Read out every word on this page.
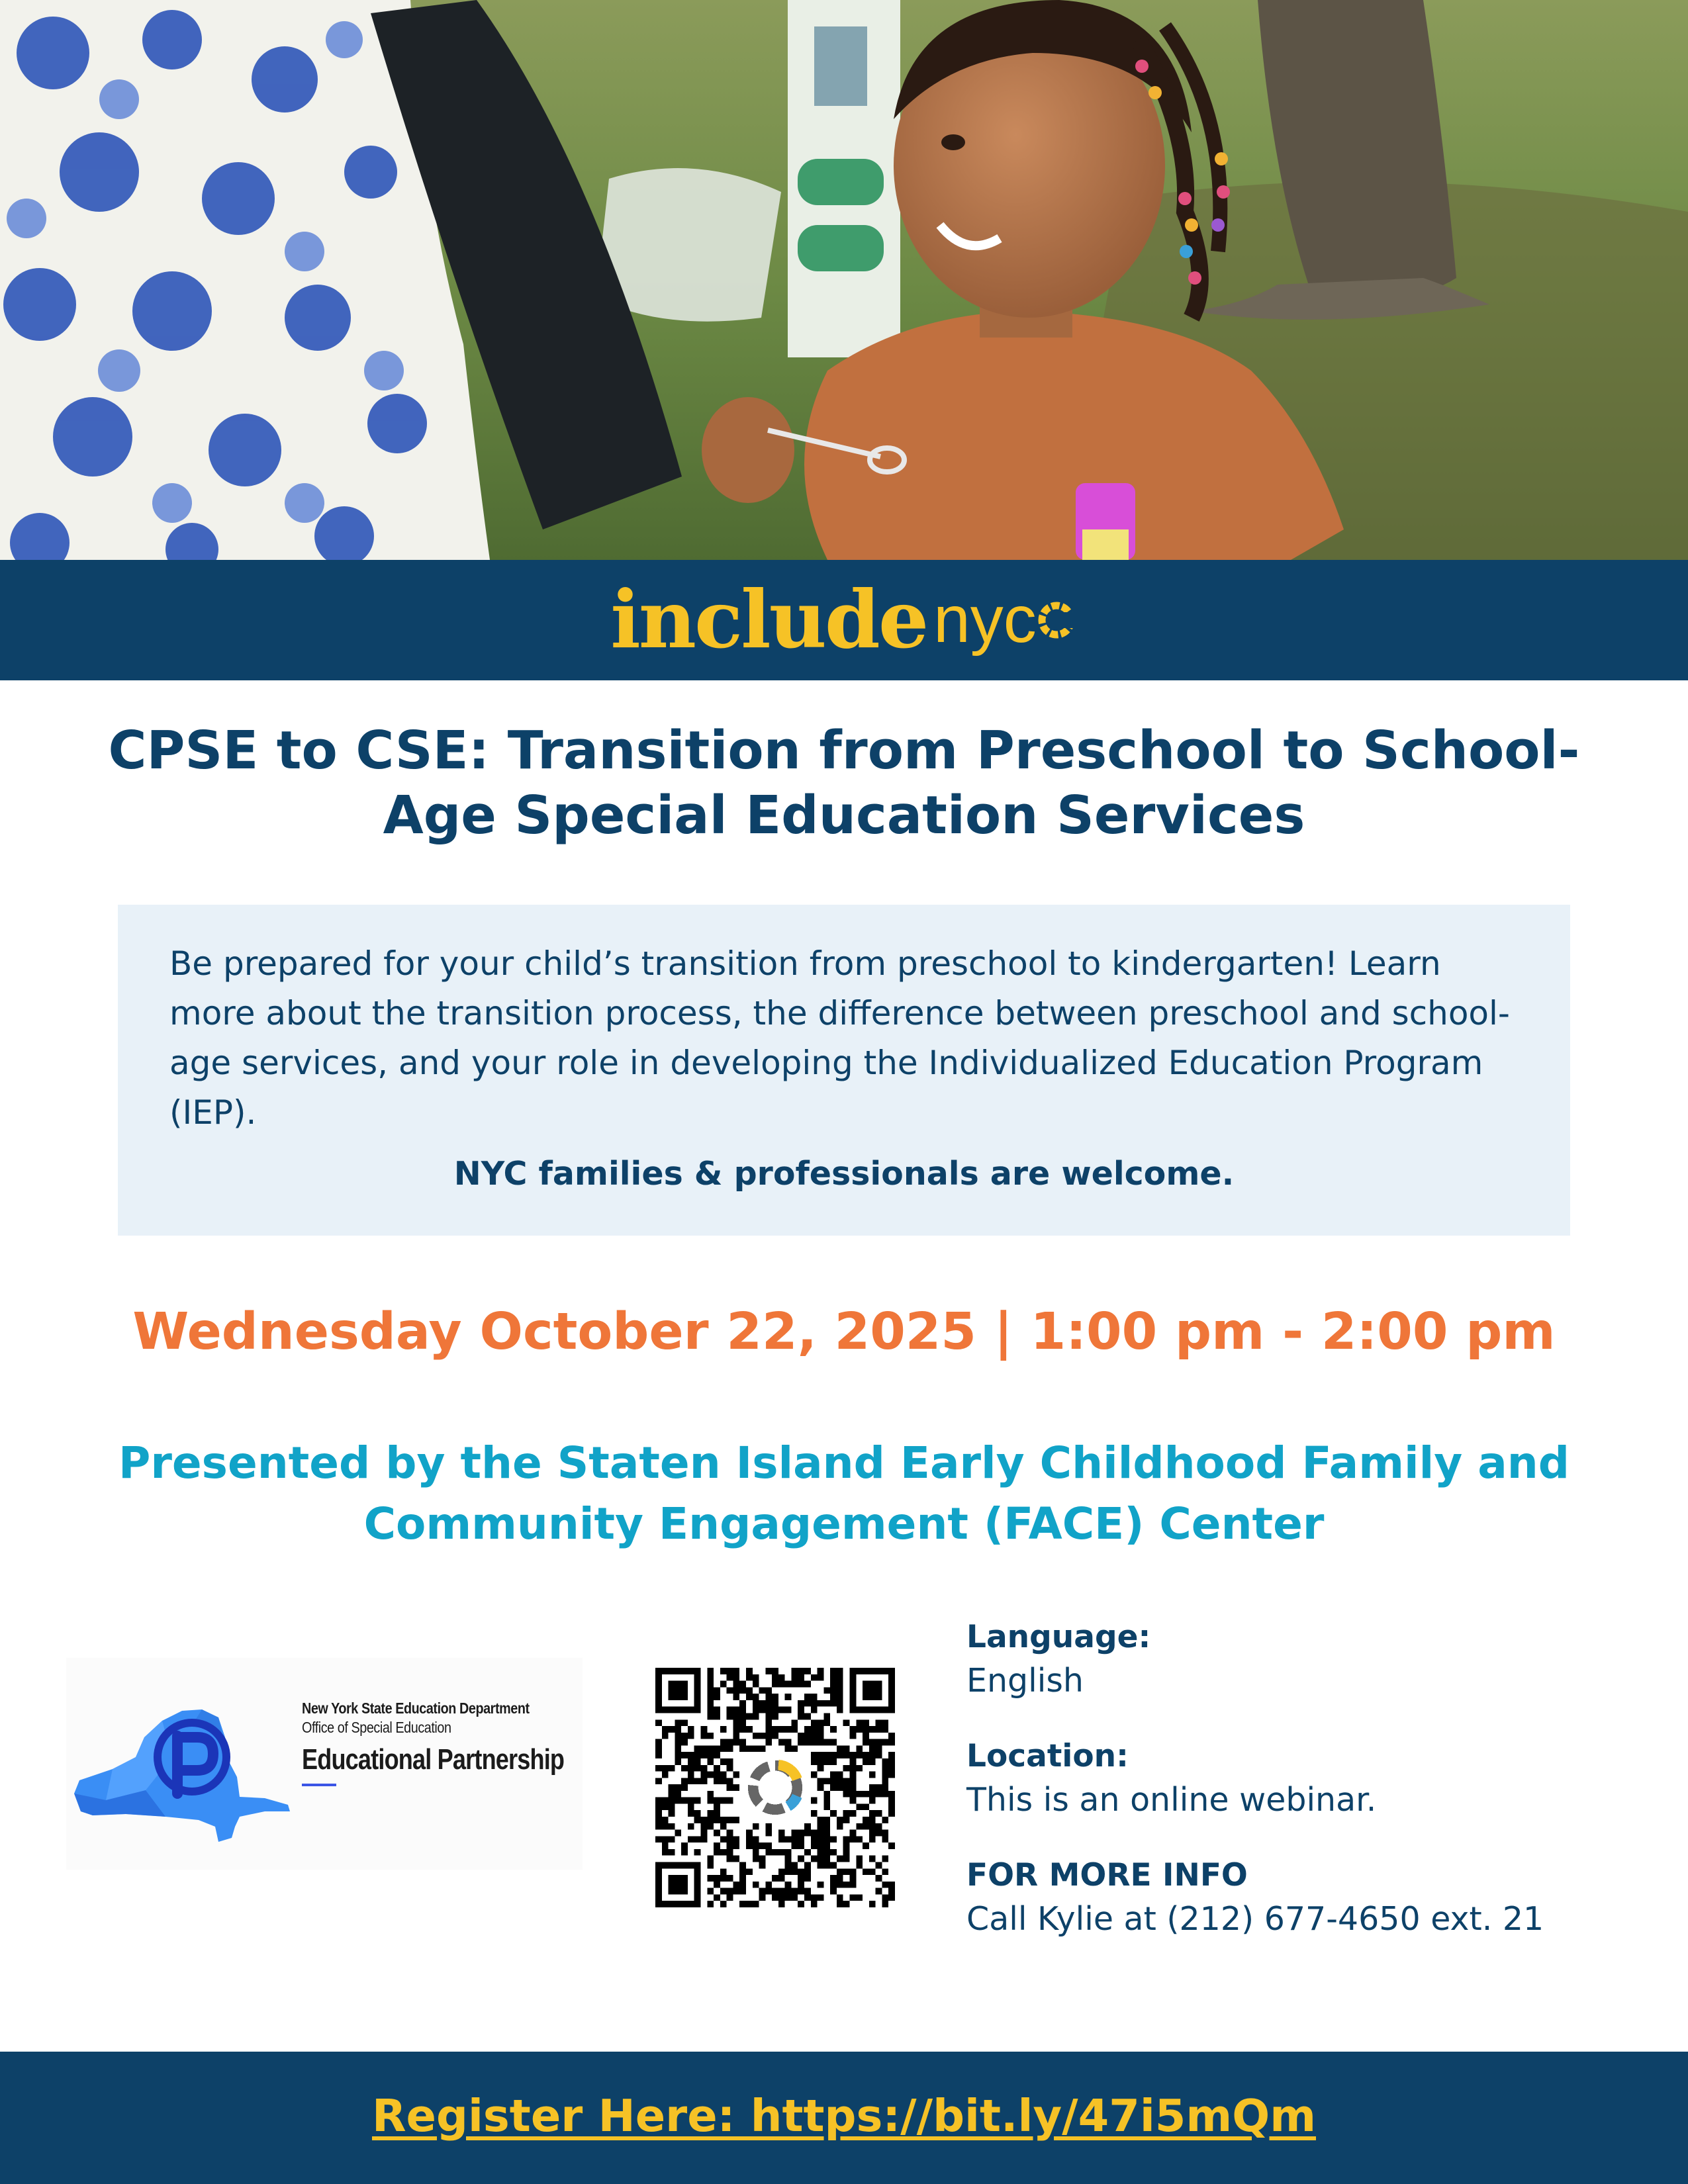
include nyc
CPSE to CSE: Transition from Preschool to School-Age Special Education Services
Be prepared for your child’s transition from preschool to kindergarten! Learn more about the transition process, the difference between preschool and school-age services, and your role in developing the Individualized Education Program (IEP).
NYC families & professionals are welcome.
Wednesday October 22, 2025 | 1:00 pm - 2:00 pm
Presented by the Staten Island Early Childhood Family and Community Engagement (FACE) Center
New York State Education Department
Office of Special Education
Educational Partnership
Language:
English
Location:
This is an online webinar.
FOR MORE INFO
Call Kylie at (212) 677-4650 ext. 21
Register Here: https://bit.ly/47i5mQm
